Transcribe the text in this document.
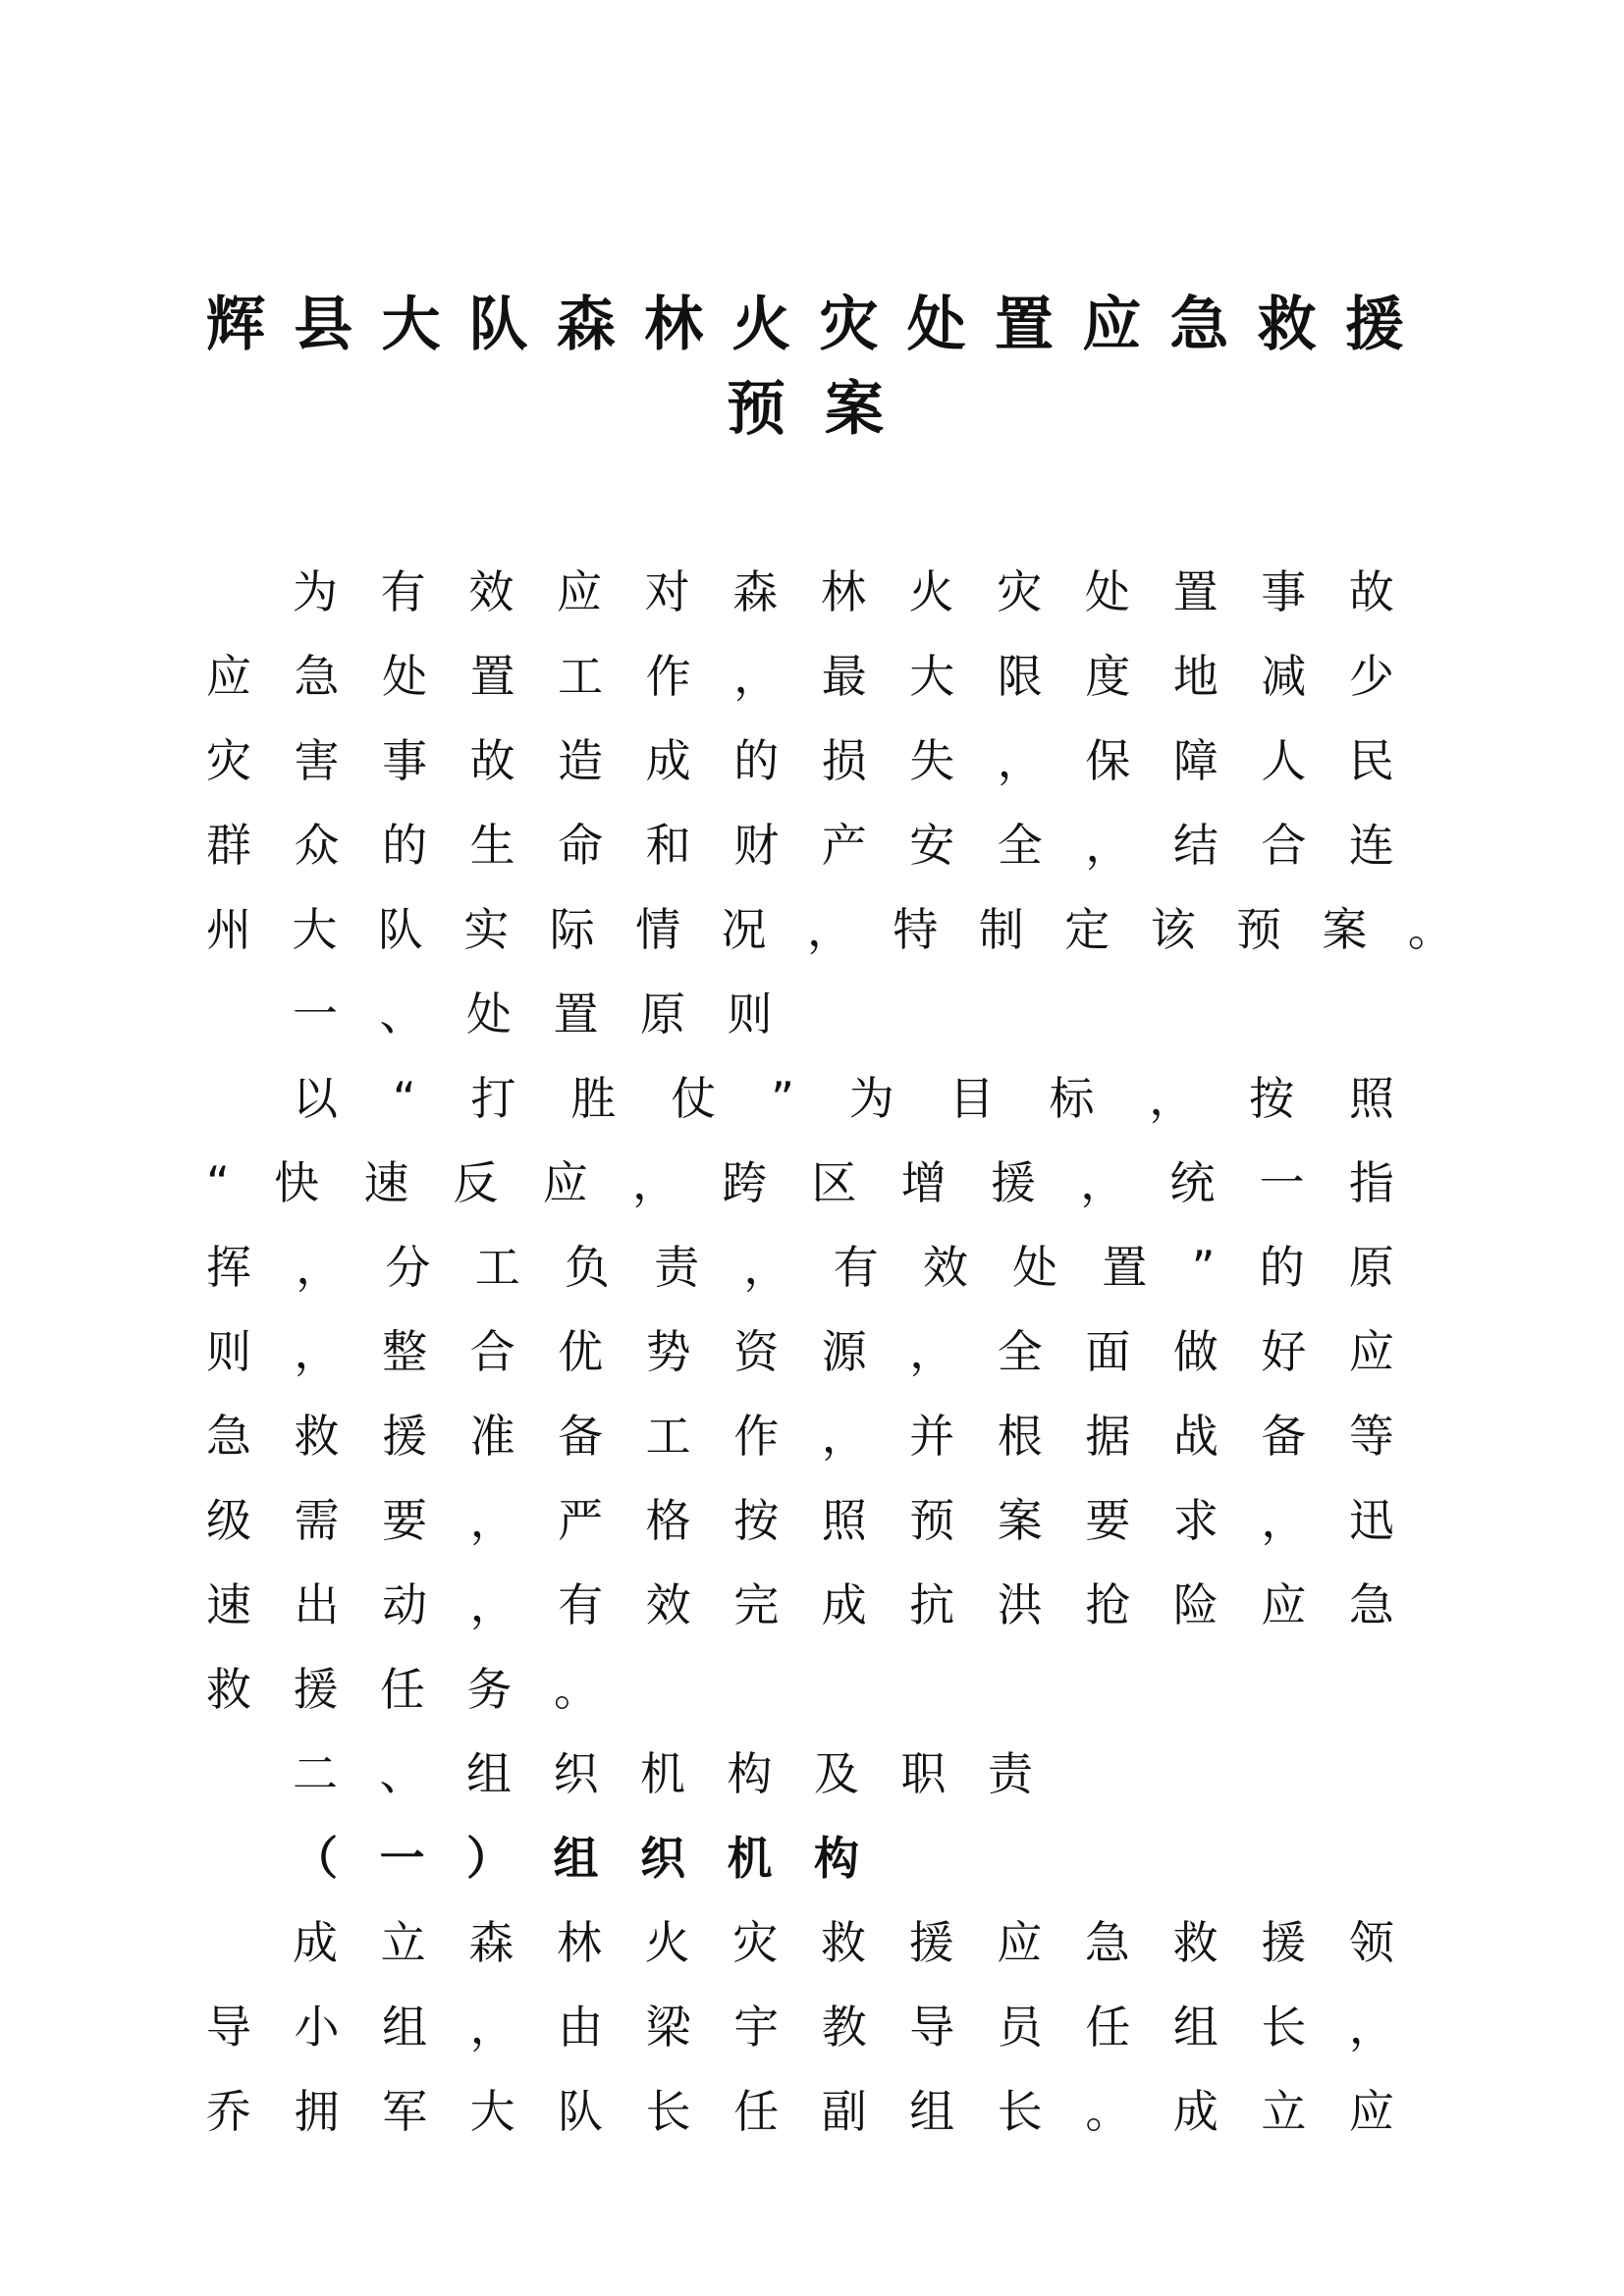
辉 县 大 队 森 林 火 灾 处 置 应 急 救 援
预 案
为 有 效 应 对 森 林 火 灾 处 置 事 故
应 急 处 置 工 作 ， 最 大 限 度 地 减 少
灾 害 事 故 造 成 的 损 失 ， 保 障 人 民
群 众 的 生 命 和 财 产 安 全 ， 结 合 连
州 大 队 实 际 情 况 ， 特 制 定 该 预 案 。
一 、 处 置 原 则
以 “ 打 胜 仗 ” 为 目 标 ， 按 照
“ 快 速 反 应 ， 跨 区 增 援 ， 统 一 指
挥 ， 分 工 负 责 ， 有 效 处 置 ” 的 原
则 ， 整 合 优 势 资 源 ， 全 面 做 好 应
急 救 援 准 备 工 作 ， 并 根 据 战 备 等
级 需 要 ， 严 格 按 照 预 案 要 求 ， 迅
速 出 动 ， 有 效 完 成 抗 洪 抢 险 应 急
救 援 任 务 。
二 、 组 织 机 构 及 职 责
（ 一 ） 组 织 机 构
成 立 森 林 火 灾 救 援 应 急 救 援 领
导 小 组 ， 由 梁 宇 教 导 员 任 组 长 ，
乔 拥 军 大 队 长 任 副 组 长 。 成 立 应
